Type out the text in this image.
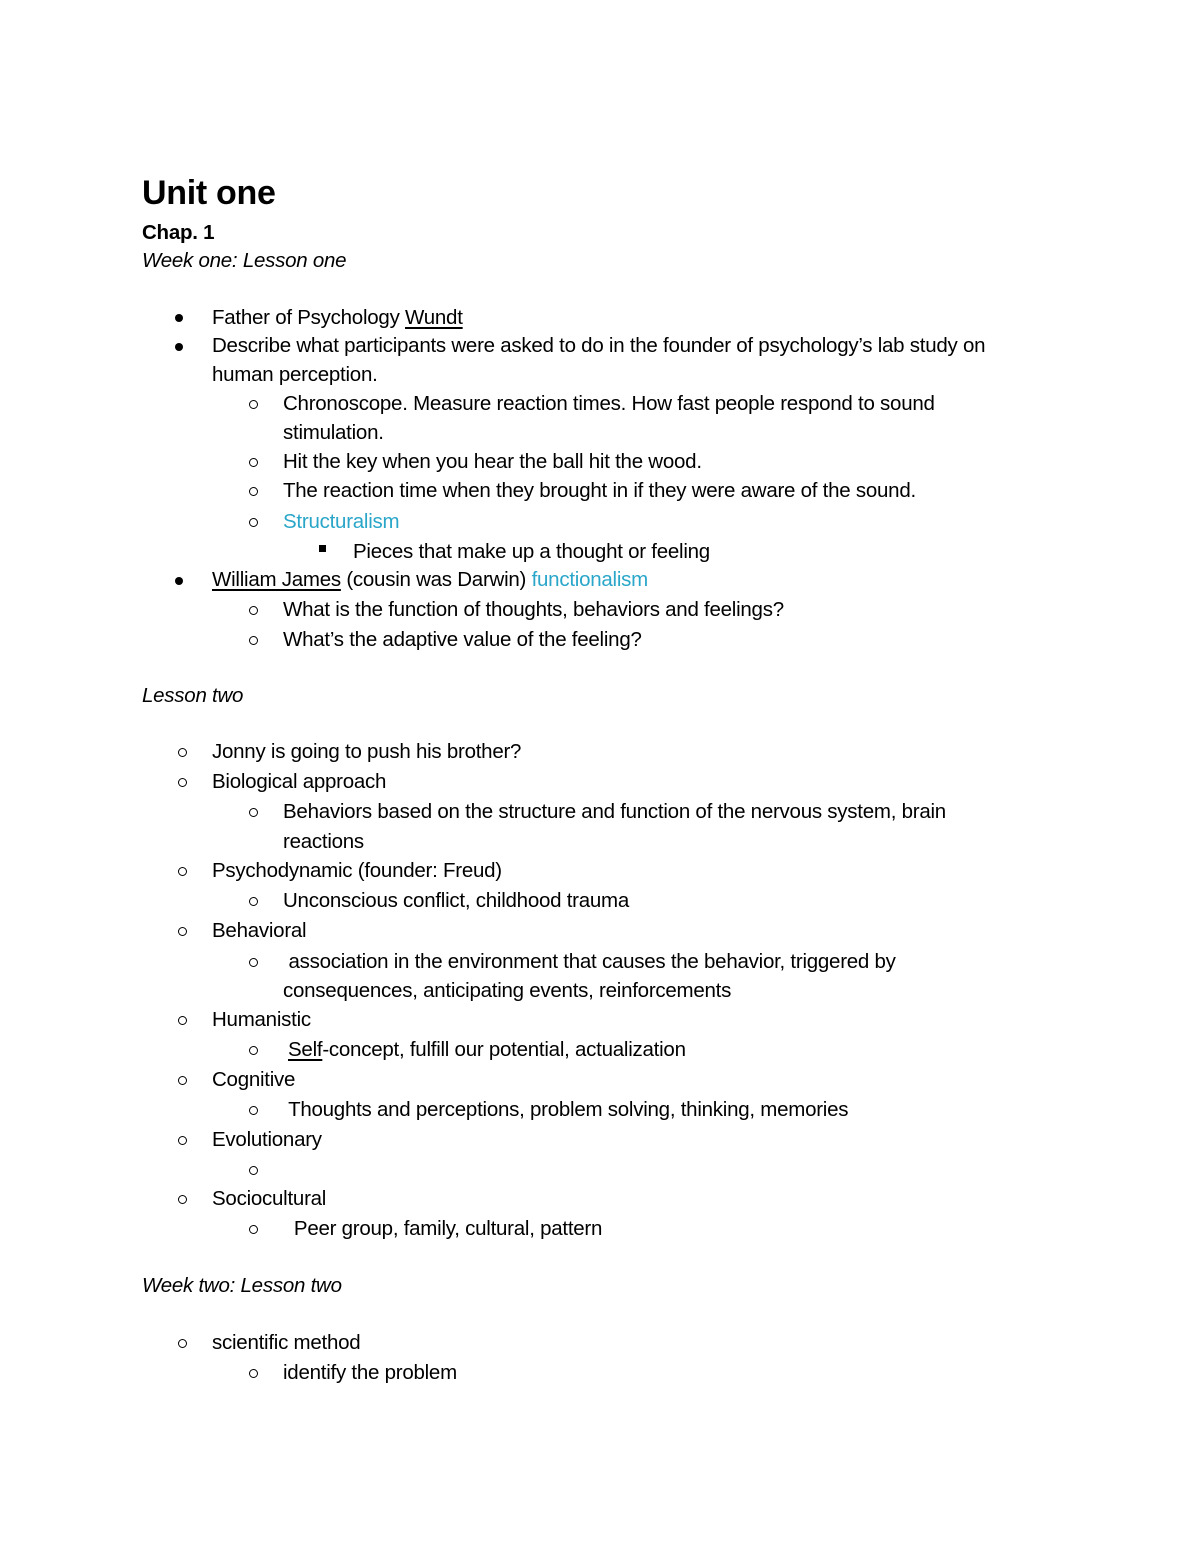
Unit one
Chap. 1
Week one: Lesson one
Father of Psychology Wundt
Describe what participants were asked to do in the founder of psychology’s lab study on
human perception.
Chronoscope. Measure reaction times. How fast people respond to sound
stimulation.
Hit the key when you hear the ball hit the wood.
The reaction time when they brought in if they were aware of the sound.
Structuralism
Pieces that make up a thought or feeling
William James (cousin was Darwin) functionalism
What is the function of thoughts, behaviors and feelings?
What’s the adaptive value of the feeling?
Lesson two
Jonny is going to push his brother?
Biological approach
Behaviors based on the structure and function of the nervous system, brain
reactions
Psychodynamic (founder: Freud)
Unconscious conflict, childhood trauma
Behavioral
association in the environment that causes the behavior, triggered by
consequences, anticipating events, reinforcements
Humanistic
Self-concept, fulfill our potential, actualization
Cognitive
Thoughts and perceptions, problem solving, thinking, memories
Evolutionary
Sociocultural
Peer group, family, cultural, pattern
Week two: Lesson two
scientific method
identify the problem
